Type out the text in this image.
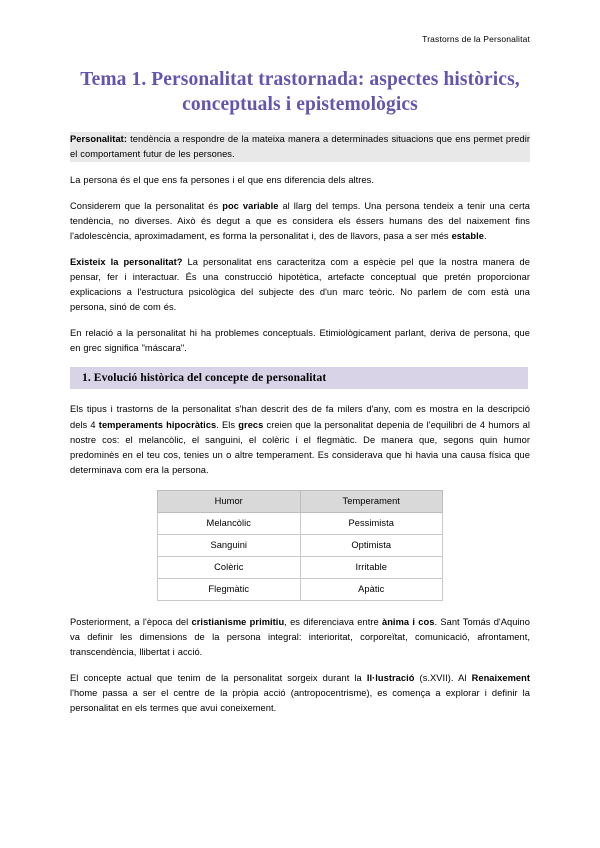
Trastorns de la Personalitat
Tema 1. Personalitat trastornada: aspectes històrics, conceptuals i epistemològics

Personalitat: tendència a respondre de la mateixa manera a determinades situacions que ens permet predir el comportament futur de les persones.

La persona és el que ens fa persones i el que ens diferencia dels altres.

Considerem que la personalitat és poc variable al llarg del temps. Una persona tendeix a tenir una certa tendència, no diverses. Això és degut a que es considera els éssers humans des del naixement fins l'adolescència, aproximadament, es forma la personalitat i, des de llavors, pasa a ser més estable.

Existeix la personalitat? La personalitat ens caracteritza com a espècie pel que la nostra manera de pensar, fer i interactuar. És una construcció hipotètica, artefacte conceptual que pretén proporcionar explicacions a l'estructura psicològica del subjecte des d'un marc teòric. No parlem de com està una persona, sinó de com és.

En relació a la personalitat hi ha problemes conceptuals. Etimiològicament parlant, deriva de persona, que en grec significa "máscara".

1. Evolució històrica del concepte de personalitat

Els tipus i trastorns de la personalitat s'han descrit des de fa milers d'any, com es mostra en la descripció dels 4 temperaments hipocràtics. Els grecs creien que la personalitat depenia de l'equilibri de 4 humors al nostre cos: el melancòlic, el sanguini, el colèric i el flegmàtic. De manera que, segons quin humor predominès en el teu cos, tenies un o altre temperament. Es considerava que hi havia una causa física que determinava com era la persona.

Humor	Temperament
Melancòlic	Pessimista
Sanguini	Optimista
Colèric	Irritable
Flegmàtic	Apàtic

Posteriorment, a l'època del cristianisme primitiu, es diferenciava entre ànima i cos. Sant Tomás d'Aquino va definir les dimensions de la persona integral: interioritat, corporeïtat, comunicació, afrontament, transcendència, llibertat i acció.

El concepte actual que tenim de la personalitat sorgeix durant la Il·lustració (s.XVII). Al Renaixement l'home passa a ser el centre de la pròpia acció (antropocentrisme), es comença a explorar i definir la personalitat en els termes que avui coneixement.
